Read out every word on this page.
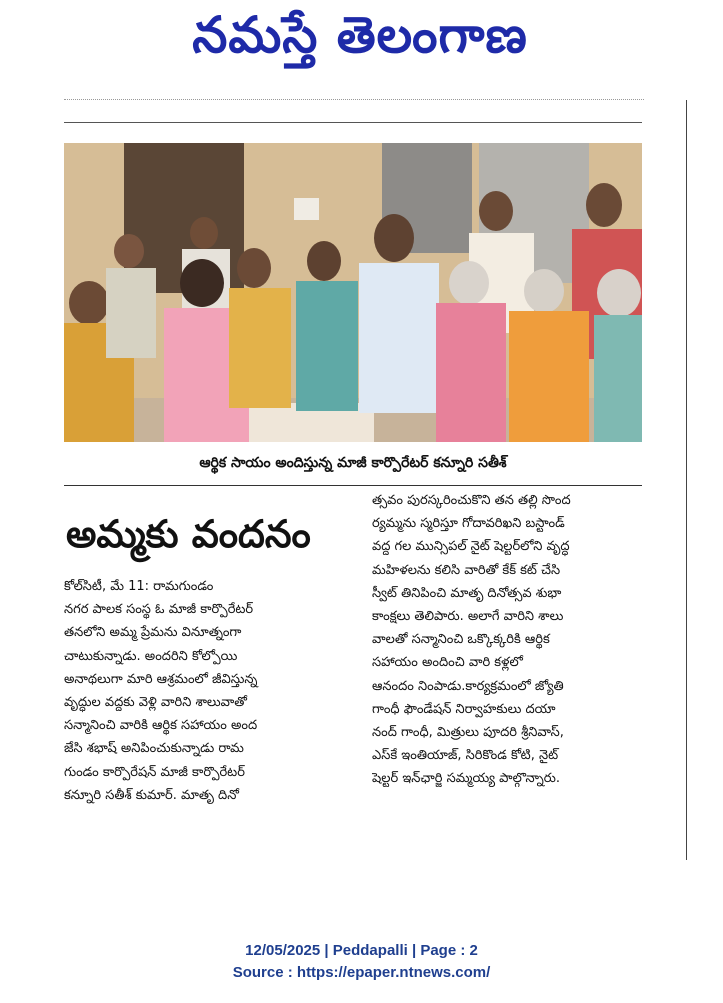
నమస్తే తెలంగాణ
ఆర్థిక సాయం అందిస్తున్న మాజీ కార్పొరేటర్ కన్నూరి సతీశ్
అమ్మకు వందనం
కోల్‌సిటీ, మే 11: రామగుండం
నగర పాలక సంస్థ ఓ మాజీ కార్పొరేటర్
తనలోని అమ్మ ప్రేమను వినూత్నంగా
చాటుకున్నాడు. అందరిని కోల్పోయి
అనాథలుగా మారి ఆశ్రమంలో జీవిస్తున్న
వృద్ధుల వద్దకు వెళ్లి వారిని శాలువాతో
సన్మానించి వారికి ఆర్థిక సహాయం అంద
జేసి శభాష్ అనిపించుకున్నాడు రామ
గుండం కార్పొరేషన్ మాజీ కార్పొరేటర్
కన్నూరి సతీశ్ కుమార్. మాతృ దినో
త్సవం పురస్కరించుకొని తన తల్లి సొంద
ర్యమ్మను స్మరిస్తూ గోదావరిఖని బస్టాండ్
వద్ద గల మున్సిపల్ నైట్ షెల్టర్‌లోని వృద్ధ
మహిళలను కలిసి వారితో కేక్ కట్ చేసి
స్వీట్ తినిపించి మాతృ దినోత్సవ శుభా
కాంక్షలు తెలిపారు. అలాగే వారిని శాలు
వాలతో సన్మానించి ఒక్కొక్కరికి ఆర్థిక
సహాయం అందించి వారి కళ్లలో
ఆనందం నింపాడు.కార్యక్రమంలో జ్యోతి
గాంధీ ఫౌండేషన్ నిర్వాహకులు దయా
నంద్ గాంధీ, మిత్రులు పూదరి శ్రీనివాస్,
ఎస్‌కే ఇంతియాజ్, సిరికొండ కోటి, నైట్
షెల్టర్ ఇన్‌ఛార్జి సమ్మయ్య పాల్గొన్నారు.
12/05/2025 | Peddapalli | Page : 2
Source : https://epaper.ntnews.com/
